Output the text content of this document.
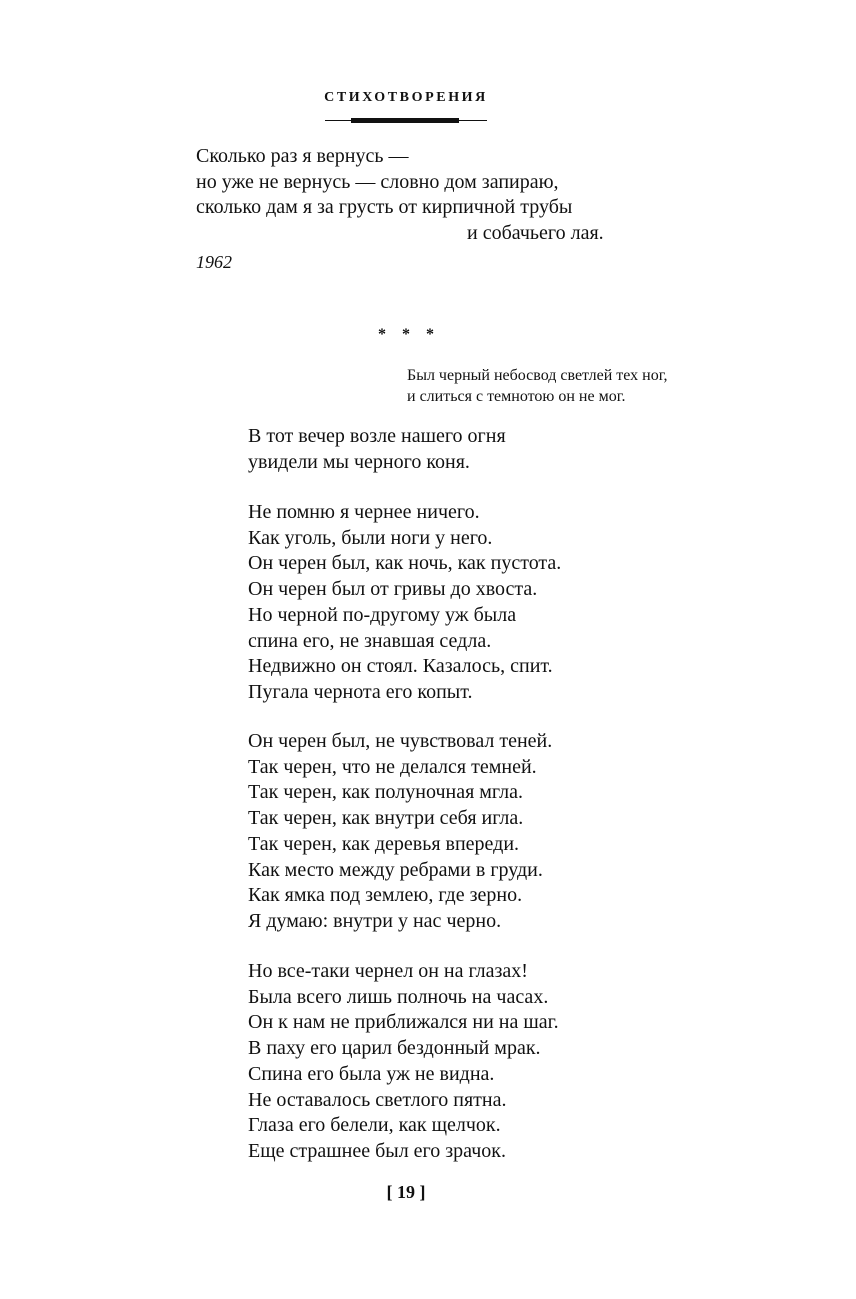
СТИХОТВОРЕНИЯ
Сколько раз я вернусь —
но уже не вернусь — словно дом запираю,
сколько дам я за грусть от кирпичной трубы
и собачьего лая.
1962
* * *
Был черный небосвод светлей тех ног,
и слиться с темнотою он не мог.
В тот вечер возле нашего огня
увидели мы черного коня.
Не помню я чернее ничего.
Как уголь, были ноги у него.
Он черен был, как ночь, как пустота.
Он черен был от гривы до хвоста.
Но черной по-другому уж была
спина его, не знавшая седла.
Недвижно он стоял. Казалось, спит.
Пугала чернота его копыт.
Он черен был, не чувствовал теней.
Так черен, что не делался темней.
Так черен, как полуночная мгла.
Так черен, как внутри себя игла.
Так черен, как деревья впереди.
Как место между ребрами в груди.
Как ямка под землею, где зерно.
Я думаю: внутри у нас черно.
Но все-таки чернел он на глазах!
Была всего лишь полночь на часах.
Он к нам не приближался ни на шаг.
В паху его царил бездонный мрак.
Спина его была уж не видна.
Не оставалось светлого пятна.
Глаза его белели, как щелчок.
Еще страшнее был его зрачок.
[ 19 ]
